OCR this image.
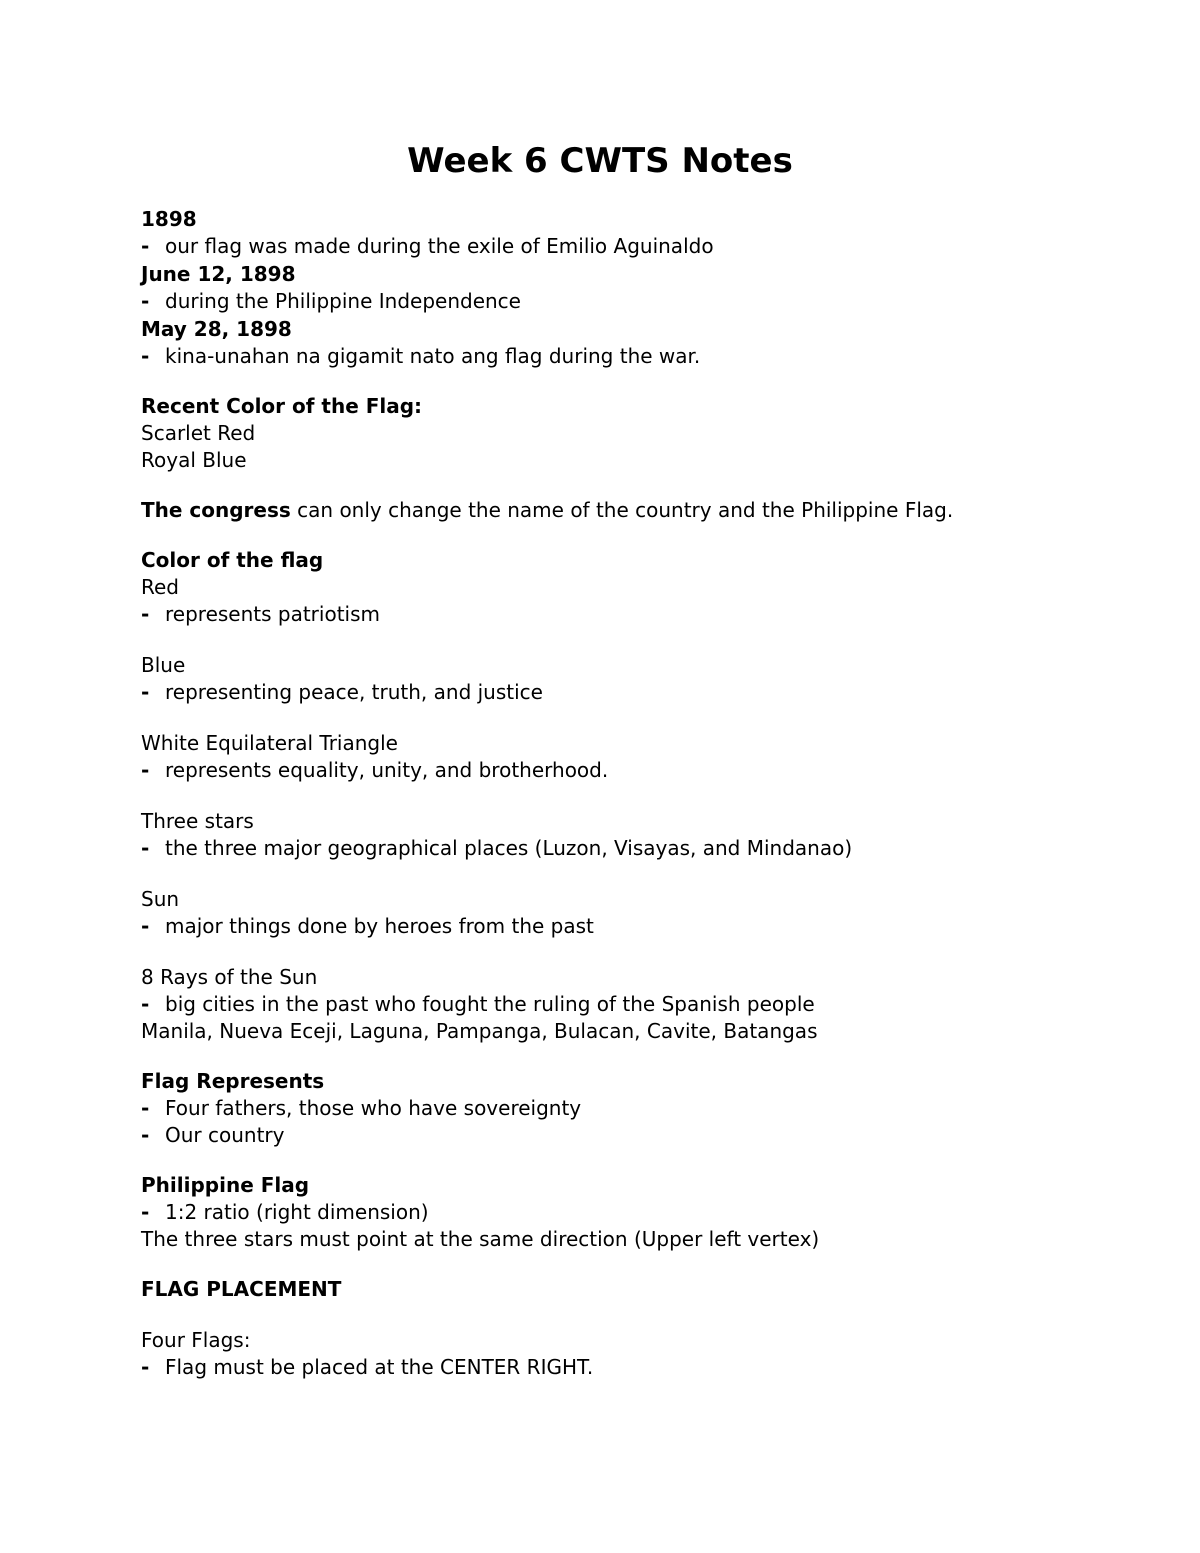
Week 6 CWTS Notes
1898
- our flag was made during the exile of Emilio Aguinaldo
June 12, 1898
- during the Philippine Independence
May 28, 1898
- kina-unahan na gigamit nato ang flag during the war.
Recent Color of the Flag:
Scarlet Red
Royal Blue
The congress can only change the name of the country and the Philippine Flag.
Color of the flag
Red
- represents patriotism
Blue
- representing peace, truth, and justice
White Equilateral Triangle
- represents equality, unity, and brotherhood.
Three stars
- the three major geographical places (Luzon, Visayas, and Mindanao)
Sun
- major things done by heroes from the past
8 Rays of the Sun
- big cities in the past who fought the ruling of the Spanish people
Manila, Nueva Eceji, Laguna, Pampanga, Bulacan, Cavite, Batangas
Flag Represents
- Four fathers, those who have sovereignty
- Our country
Philippine Flag
- 1:2 ratio (right dimension)
The three stars must point at the same direction (Upper left vertex)
FLAG PLACEMENT
Four Flags:
- Flag must be placed at the CENTER RIGHT.
